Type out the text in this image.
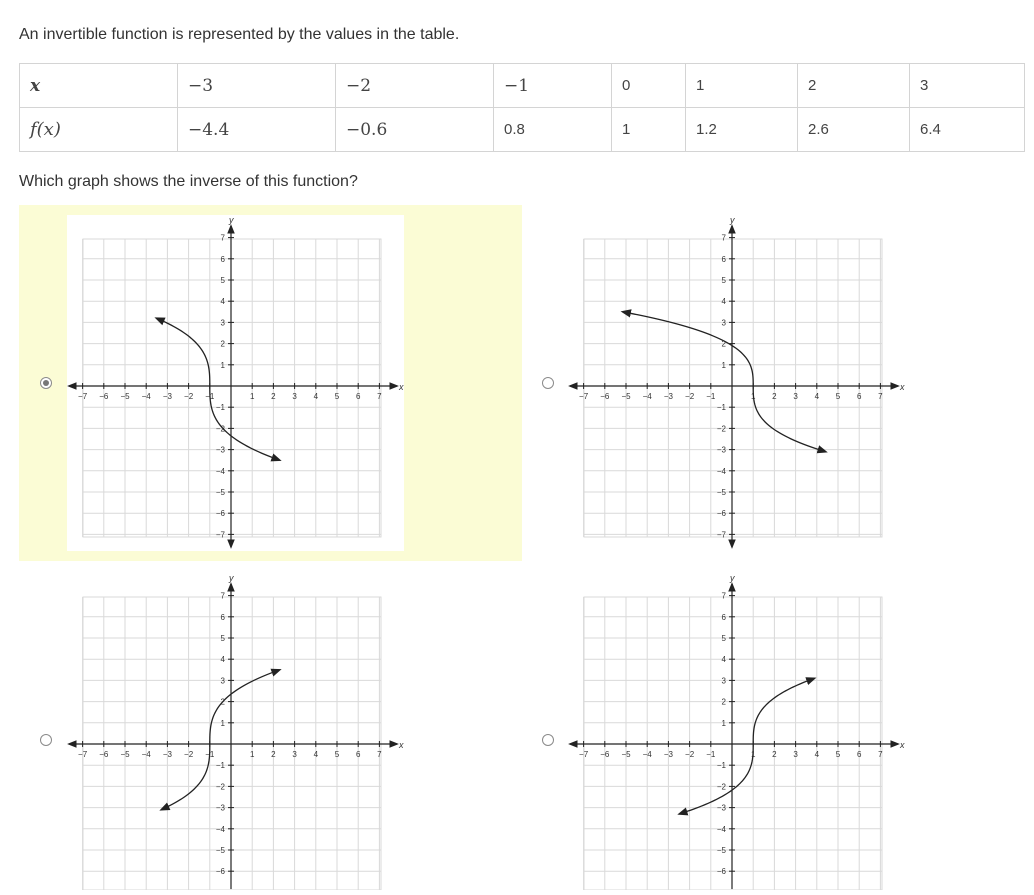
An invertible function is represented by the values in the table.
x	−3	−2	−1	0	1	2	3
f(x)	−4.4	−0.6	0.8	1	1.2	2.6	6.4
Which graph shows the inverse of this function?
x
y
−7
−7
−6
−6
−5
−5
−4
−4
−3
−3
−2
−2
−1
−1
1
1
2
2
3
3
4
4
5
5
6
6
7
7
x
y
−7
−7
−6
−6
−5
−5
−4
−4
−3
−3
−2
−2
−1
−1
1
1
2
2
3
3
4
4
5
5
6
6
7
7
x
y
−7 −6
−6
−5
−5
−4
−4
−3
−3
−2
−2
−1
−1
1
1
2
2
3
3
4
4
5
5
6
6
7
7
x
y
−7 −6
−6
−5
−5
−4
−4
−3
−3
−2
−2
−1
−1
1
1
2
2
3
3
4
4
5
5
6
6
7
7
